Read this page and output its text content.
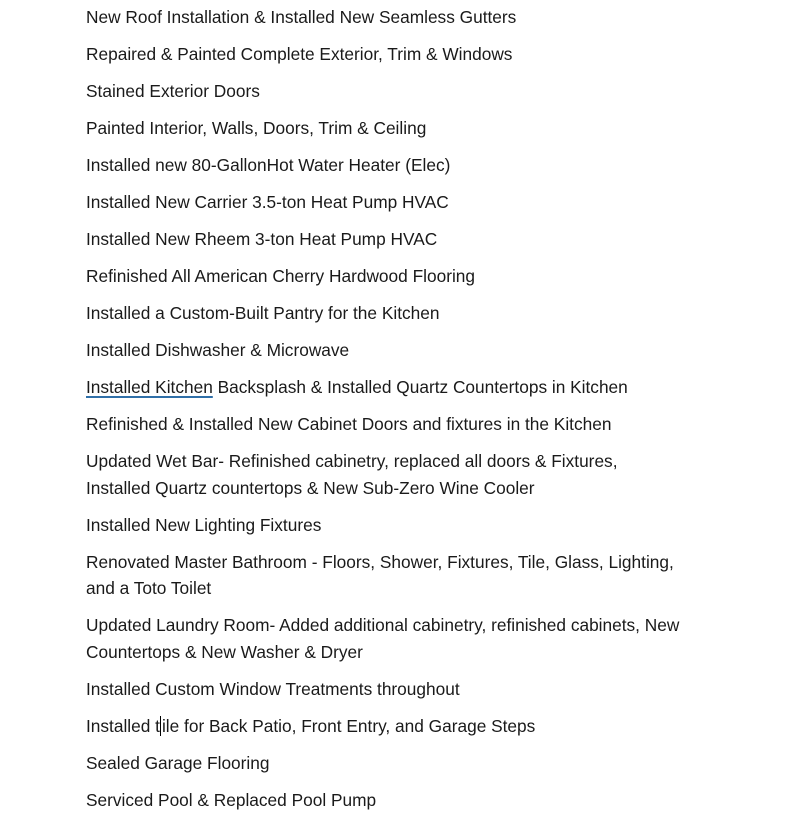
New Roof Installation & Installed New Seamless Gutters

Repaired & Painted Complete Exterior, Trim & Windows

Stained Exterior Doors

Painted Interior, Walls, Doors, Trim & Ceiling

Installed new 80-GallonHot Water Heater (Elec)

Installed New Carrier 3.5-ton Heat Pump HVAC

Installed New Rheem 3-ton Heat Pump HVAC

Refinished All American Cherry Hardwood Flooring

Installed a Custom-Built Pantry for the Kitchen

Installed Dishwasher & Microwave

Installed Kitchen Backsplash & Installed Quartz Countertops in Kitchen

Refinished & Installed New Cabinet Doors and fixtures in the Kitchen

Updated Wet Bar- Refinished cabinetry, replaced all doors & Fixtures, Installed Quartz countertops & New Sub-Zero Wine Cooler

Installed New Lighting Fixtures

Renovated Master Bathroom - Floors, Shower, Fixtures, Tile, Glass, Lighting, and a Toto Toilet

Updated Laundry Room- Added additional cabinetry, refinished cabinets, New Countertops & New Washer & Dryer

Installed Custom Window Treatments throughout

Installed t ile for Back Patio, Front Entry, and Garage Steps

Sealed Garage Flooring

Serviced Pool & Replaced Pool Pump
